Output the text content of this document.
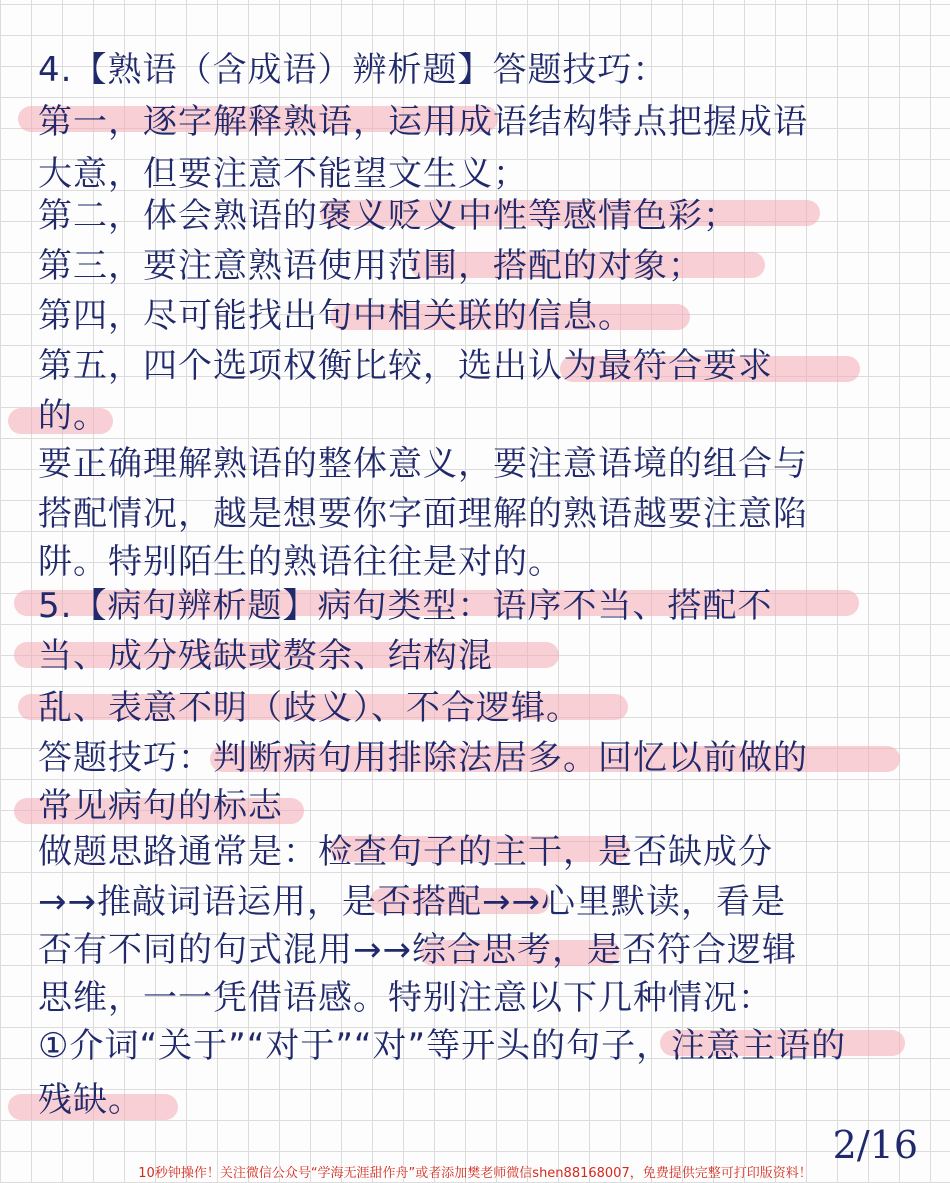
4.【熟语（含成语）辨析题】答题技巧：

第一，逐字解释熟语，运用成语结构特点把握成语

大意，但要注意不能望文生义；

第二，体会熟语的褒义贬义中性等感情色彩；

第三，要注意熟语使用范围，搭配的对象；

第四，尽可能找出句中相关联的信息。

第五，四个选项权衡比较，选出认为最符合要求

的。

要正确理解熟语的整体意义，要注意语境的组合与

搭配情况，越是想要你字面理解的熟语越要注意陷

阱。特别陌生的熟语往往是对的。

5.【病句辨析题】病句类型：语序不当、搭配不

当、成分残缺或赘余、结构混

乱、表意不明（歧义）、不合逻辑。

答题技巧：判断病句用排除法居多。回忆以前做的

常见病句的标志

做题思路通常是：检查句子的主干，是否缺成分

→→推敲词语运用，是否搭配→→心里默读，看是

否有不同的句式混用→→综合思考，是否符合逻辑

思维，一一凭借语感。特别注意以下几种情况：

①介词“关于”“对于”“对”等开头的句子，注意主语的

残缺。

2/16
10秒钟操作！关注微信公众号“学海无涯甜作舟”或者添加樊老师微信shen88168007，免费提供完整可打印版资料！
